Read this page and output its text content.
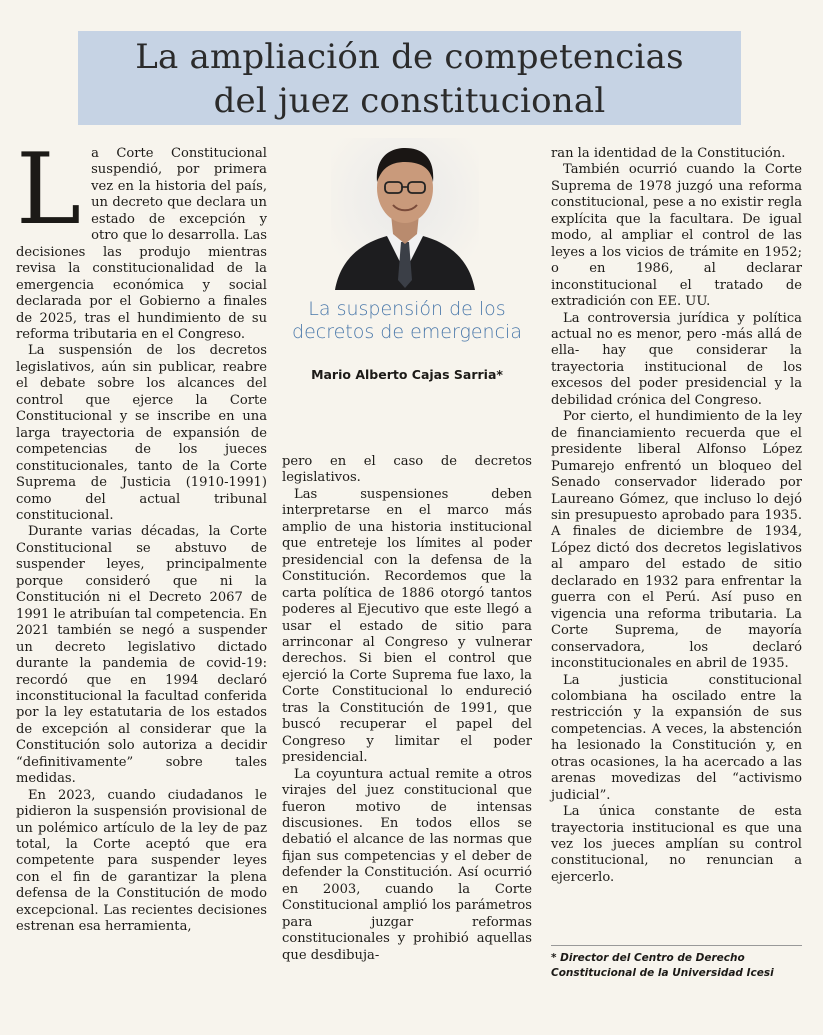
La ampliación de competencias
del juez constitucional

La Corte Constitucional suspendió, por primera vez en la historia del país, un decreto que declara un estado de excepción y otro que lo desarrolla. Las decisiones las produjo mientras revisa la constitucionalidad de la emergencia económica y social declarada por el Gobierno a finales de 2025, tras el hundimiento de su reforma tributaria en el Congreso.

La suspensión de los decretos legislativos, aún sin publicar, reabre el debate sobre los alcances del control que ejerce la Corte Constitucional y se inscribe en una larga trayectoria de expansión de competencias de los jueces constitucionales, tanto de la Corte Suprema de Justicia (1910-1991) como del actual tribunal constitucional.

Durante varias décadas, la Corte Constitucional se abstuvo de suspender leyes, principalmente porque consideró que ni la Constitución ni el Decreto 2067 de 1991 le atribuían tal competencia. En 2021 también se negó a suspender un decreto legislativo dictado durante la pandemia de covid-19: recordó que en 1994 declaró inconstitucional la facultad conferida por la ley estatutaria de los estados de excepción al considerar que la Constitución solo autoriza a decidir “definitivamente” sobre tales medidas.

En 2023, cuando ciudadanos le pidieron la suspensión provisional de un polémico artículo de la ley de paz total, la Corte aceptó que era competente para suspender leyes con el fin de garantizar la plena defensa de la Constitución de modo excepcional. Las recientes decisiones estrenan esa herramienta,

La suspensión de los
decretos de emergencia
Mario Alberto Cajas Sarria*

pero en el caso de decretos legislativos.

Las suspensiones deben interpretarse en el marco más amplio de una historia institucional que entreteje los límites al poder presidencial con la defensa de la Constitución. Recordemos que la carta política de 1886 otorgó tantos poderes al Ejecutivo que este llegó a usar el estado de sitio para arrinconar al Congreso y vulnerar derechos. Si bien el control que ejerció la Corte Suprema fue laxo, la Corte Constitucional lo endureció tras la Constitución de 1991, que buscó recuperar el papel del Congreso y limitar el poder presidencial.

La coyuntura actual remite a otros virajes del juez constitucional que fueron motivo de intensas discusiones. En todos ellos se debatió el alcance de las normas que fijan sus competencias y el deber de defender la Constitución. Así ocurrió en 2003, cuando la Corte Constitucional amplió los parámetros para juzgar reformas constitucionales y prohibió aquellas que desdibuja-

ran la identidad de la Constitución.

También ocurrió cuando la Corte Suprema de 1978 juzgó una reforma constitucional, pese a no existir regla explícita que la facultara. De igual modo, al ampliar el control de las leyes a los vicios de trámite en 1952; o en 1986, al declarar inconstitucional el tratado de extradición con EE. UU.

La controversia jurídica y política actual no es menor, pero -más allá de ella- hay que considerar la trayectoria institucional de los excesos del poder presidencial y la debilidad crónica del Congreso.

Por cierto, el hundimiento de la ley de financiamiento recuerda que el presidente liberal Alfonso López Pumarejo enfrentó un bloqueo del Senado conservador liderado por Laureano Gómez, que incluso lo dejó sin presupuesto aprobado para 1935. A finales de diciembre de 1934, López dictó dos decretos legislativos al amparo del estado de sitio declarado en 1932 para enfrentar la guerra con el Perú. Así puso en vigencia una reforma tributaria. La Corte Suprema, de mayoría conservadora, los declaró inconstitucionales en abril de 1935.

La justicia constitucional colombiana ha oscilado entre la restricción y la expansión de sus competencias. A veces, la abstención ha lesionado la Constitución y, en otras ocasiones, la ha acercado a las arenas movedizas del “activismo judicial”.

La única constante de esta trayectoria institucional es que una vez los jueces amplían su control constitucional, no renuncian a ejercerlo.

* Director del Centro de Derecho
Constitucional de la Universidad Icesi
